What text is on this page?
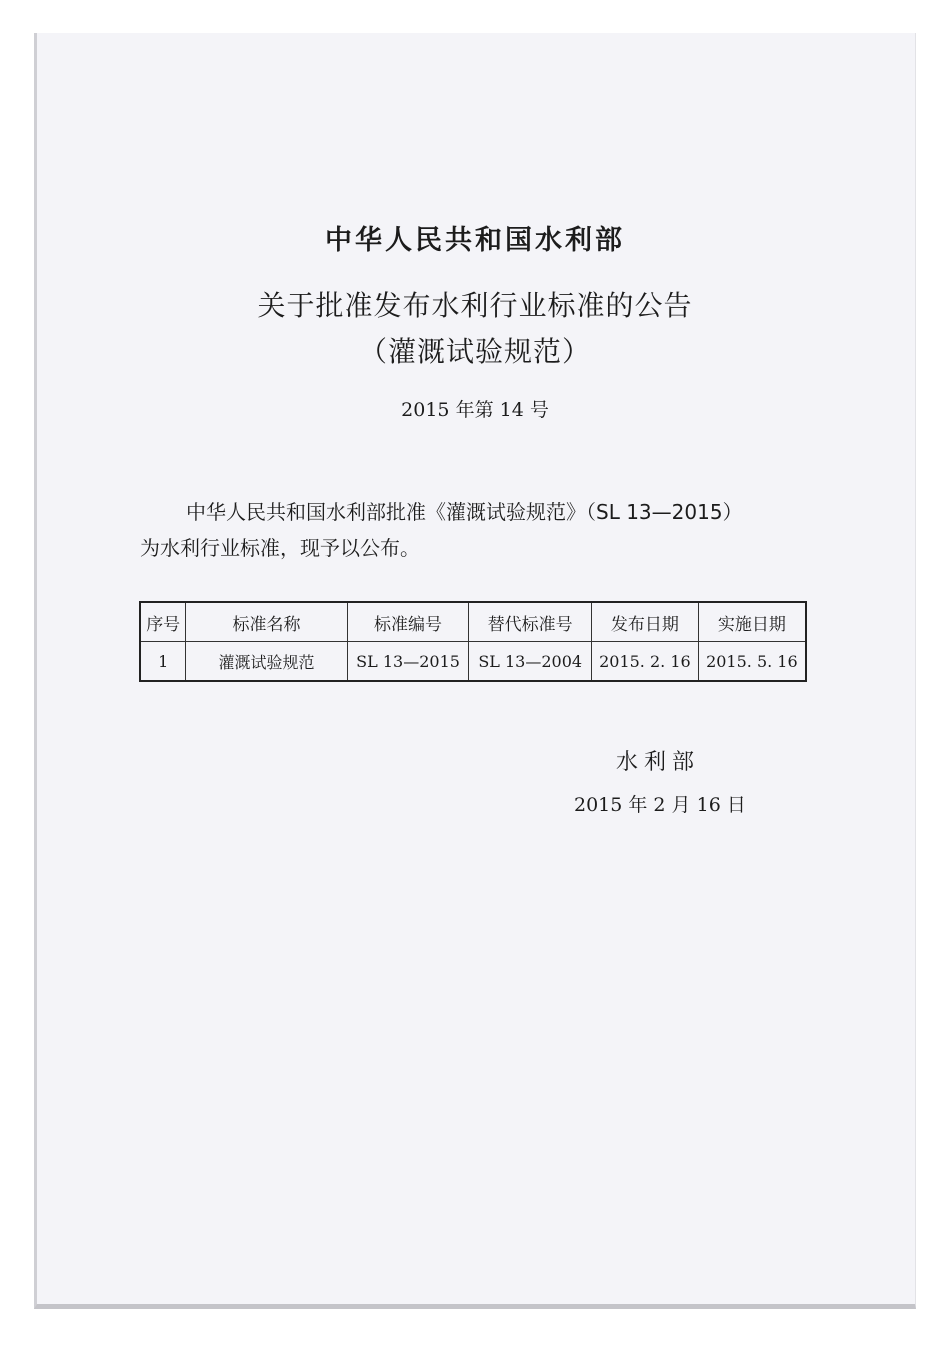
中华人民共和国水利部
关于批准发布水利行业标准的公告
（灌溉试验规范）
2015 年第 14 号
中华人民共和国水利部批准《灌溉试验规范》（SL 13—2015）
为水利行业标准，现予以公布。
序号	标准名称	标准编号	替代标准号	发布日期	实施日期
1	灌溉试验规范	SL 13—2015	SL 13—2004	2015. 2. 16	2015. 5. 16
水利部
2015 年 2 月 16 日
